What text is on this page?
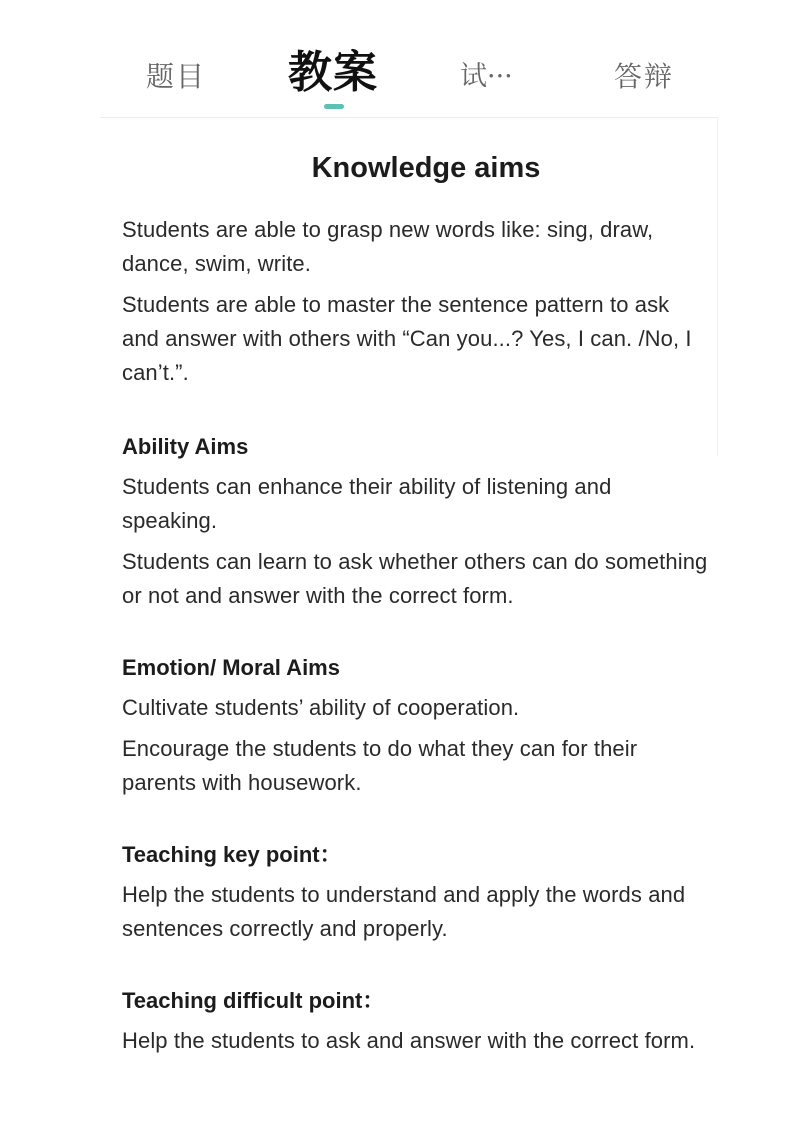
题目 教案	试···	答辩
Knowledge aims

Students are able to grasp new words like: sing, draw, dance, swim, write.

Students are able to master the sentence pattern to ask and answer with others with “Can you...? Yes, I can. /No, I can’t.”.

Ability Aims

Students can enhance their ability of listening and speaking.

Students can learn to ask whether others can do something or not and answer with the correct form.

Emotion/ Moral Aims

Cultivate students’ ability of cooperation.

Encourage the students to do what they can for their parents with housework.

Teaching key point：

Help the students to understand and apply the words and sentences correctly and properly.

Teaching difficult point：

Help the students to ask and answer with the correct form.
